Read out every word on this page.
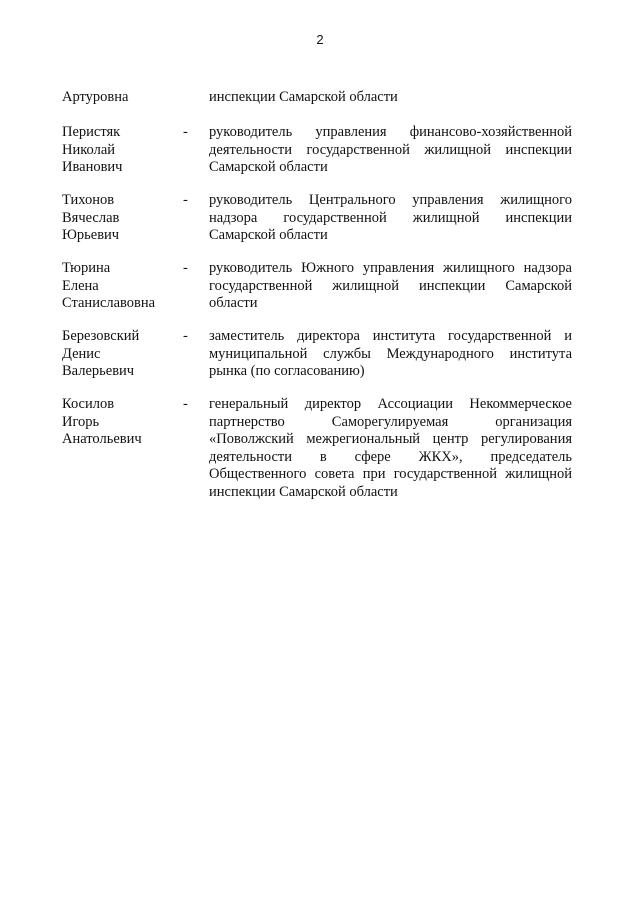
2
Артуровна	инспекции Самарской области
Перистяк
Николай
Иванович
- руководитель управления финансово-хозяйственной
деятельности государственной жилищной инспекции
Самарской области
Тихонов
Вячеслав
Юрьевич
- руководитель Центрального управления жилищного
надзора государственной жилищной инспекции
Самарской области
Тюрина
Елена
Станиславовна
- руководитель Южного управления жилищного надзора
государственной жилищной инспекции Самарской
области
Березовский
Денис
Валерьевич
- заместитель директора института государственной и
муниципальной службы Международного института
рынка (по согласованию)
Косилов
Игорь
Анатольевич
- генеральный директор Ассоциации Некоммерческое
партнерство Саморегулируемая организация
«Поволжский межрегиональный центр регулирования
деятельности в сфере ЖКХ», председатель
Общественного совета при государственной жилищной
инспекции Самарской области
